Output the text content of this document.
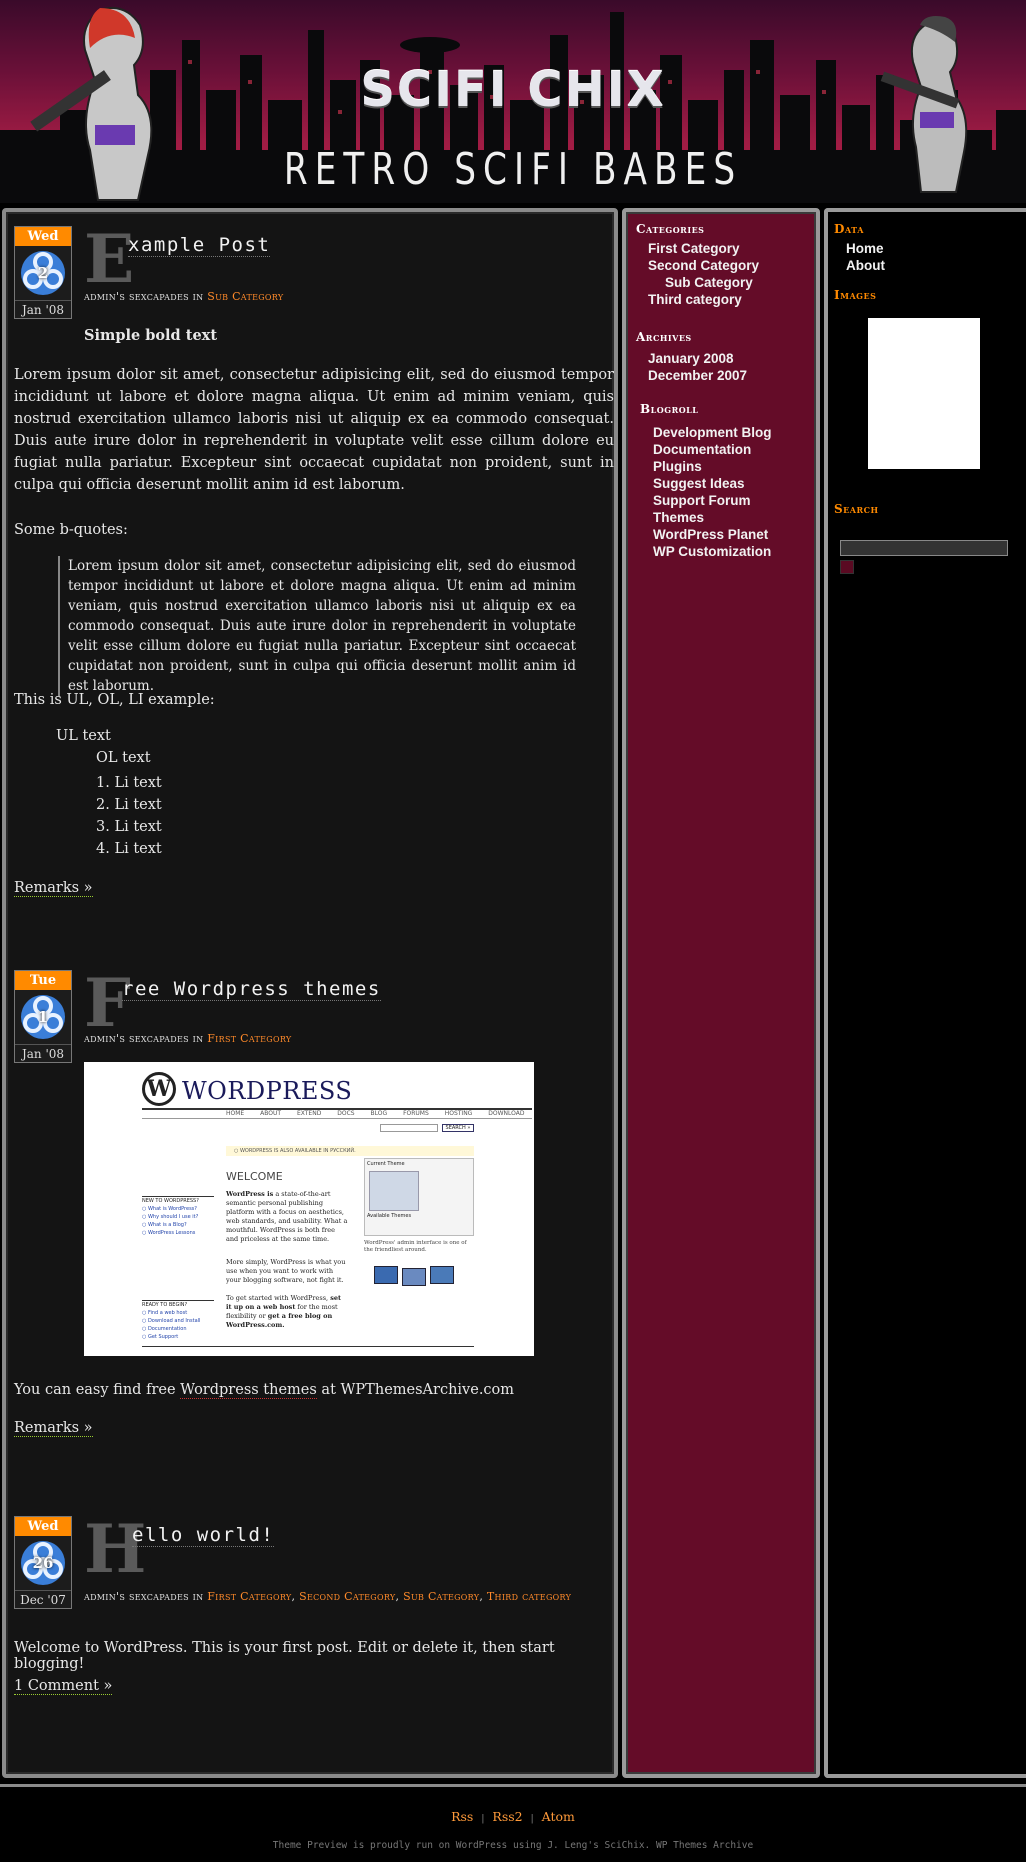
SCIFI CHIX
RETRO SCIFI BABES
Wed
2
Jan '08
E
xample Post
admin's sexcapades in Sub Category
Simple bold text

Lorem ipsum dolor sit amet, consectetur adipisicing elit, sed do eiusmod tempor incididunt ut labore et dolore magna aliqua. Ut enim ad minim veniam, quis nostrud exercitation ullamco laboris nisi ut aliquip ex ea commodo consequat. Duis aute irure dolor in reprehenderit in voluptate velit esse cillum dolore eu fugiat nulla pariatur. Excepteur sint occaecat cupidatat non proident, sunt in culpa qui officia deserunt mollit anim id est laborum.

Some b-quotes:

Lorem ipsum dolor sit amet, consectetur adipisicing elit, sed do eiusmod tempor incididunt ut labore et dolore magna aliqua. Ut enim ad minim veniam, quis nostrud exercitation ullamco laboris nisi ut aliquip ex ea commodo consequat. Duis aute irure dolor in reprehenderit in voluptate velit esse cillum dolore eu fugiat nulla pariatur. Excepteur sint occaecat cupidatat non proident, sunt in culpa qui officia deserunt mollit anim id est laborum.

This is UL, OL, LI example:
UL text
OL text
1. Li text
2. Li text
3. Li text
4. Li text
Remarks »
Tue
1
Jan '08
F
ree Wordpress themes
admin's sexcapades in First Category
W WORDPRESS
HOME	ABOUT	EXTEND	DOCS	BLOG	FORUMS	HOSTING	DOWNLOAD
SEARCH »
○ WORDPRESS IS ALSO AVAILABLE IN РУССКИЙ.
WELCOME
WordPress is a state-of-the-art semantic personal publishing platform with a focus on aesthetics, web standards, and usability. What a mouthful. WordPress is both free and priceless at the same time.
More simply, WordPress is what you use when you want to work with your blogging software, not fight it.
To get started with WordPress, set it up on a web host for the most flexibility or get a free blog on WordPress.com.
Current Theme
Available Themes
WordPress' admin interface is one of the friendliest around.
NEW TO WORDPRESS?
○ What is WordPress?
○ Why should I use it?
○ What is a Blog?
○ WordPress Lessons
READY TO BEGIN?
○ Find a web host
○ Download and Install
○ Documentation
○ Get Support
You can easy find free Wordpress themes at WPThemesArchive.com
Remarks »
Wed
26
Dec '07
H
ello world!
admin's sexcapades in First Category, Second Category, Sub Category, Third category
Welcome to WordPress. This is your first post. Edit or delete it, then start blogging!
1 Comment »
Categories
First Category
Second Category
Sub Category
Third category
Archives
January 2008
December 2007
Blogroll
Development Blog
Documentation
Plugins
Suggest Ideas
Support Forum
Themes
WordPress Planet
WP Customization
Data
Home
About
Images
Search
Rss | Rss2 | Atom
Theme Preview is proudly run on WordPress using J. Leng's SciChix. WP Themes Archive
